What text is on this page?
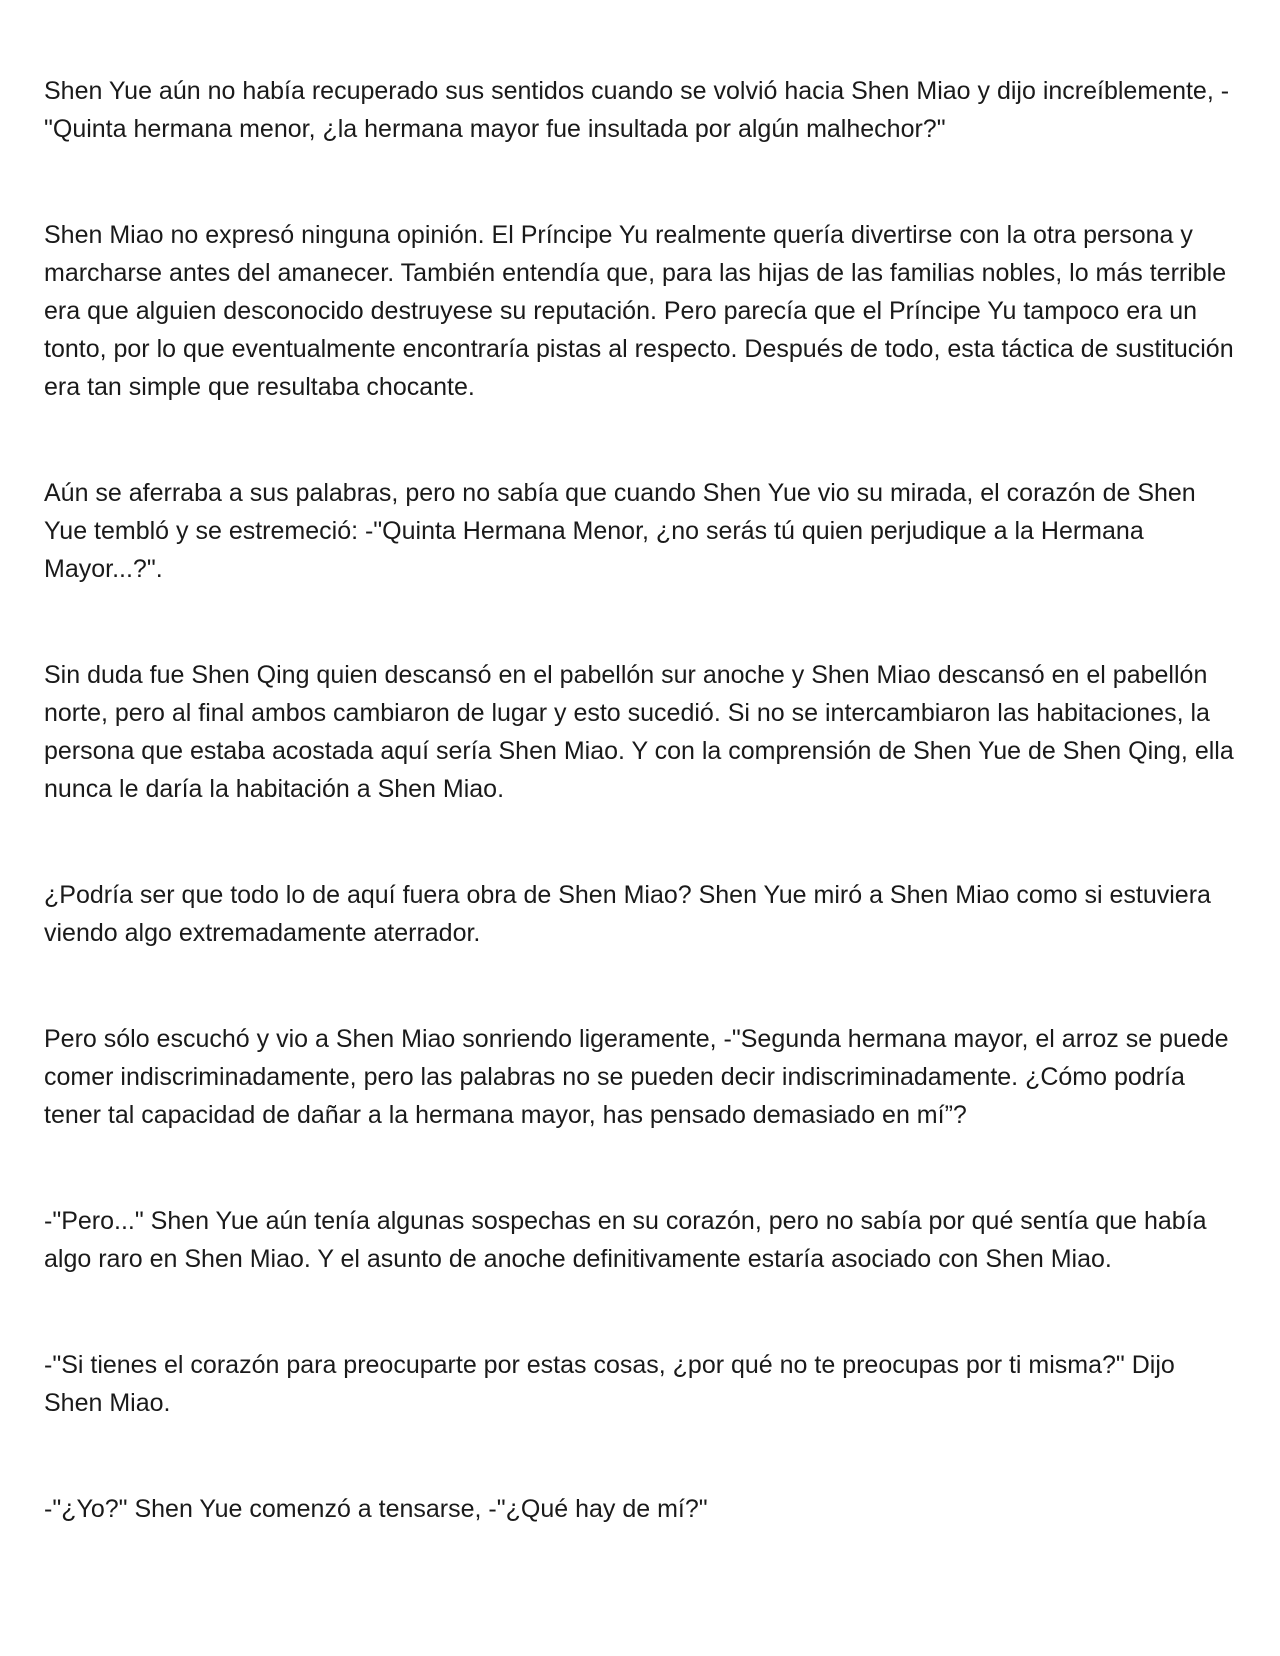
Shen Yue aún no había recuperado sus sentidos cuando se volvió hacia Shen Miao y dijo increíblemente, -"Quinta hermana menor, ¿la hermana mayor fue insultada por algún malhechor?"

Shen Miao no expresó ninguna opinión. El Príncipe Yu realmente quería divertirse con la otra persona y marcharse antes del amanecer. También entendía que, para las hijas de las familias nobles, lo más terrible era que alguien desconocido destruyese su reputación. Pero parecía que el Príncipe Yu tampoco era un tonto, por lo que eventualmente encontraría pistas al respecto. Después de todo, esta táctica de sustitución era tan simple que resultaba chocante.

Aún se aferraba a sus palabras, pero no sabía que cuando Shen Yue vio su mirada, el corazón de Shen Yue tembló y se estremeció: -"Quinta Hermana Menor, ¿no serás tú quien perjudique a la Hermana Mayor...?".

Sin duda fue Shen Qing quien descansó en el pabellón sur anoche y Shen Miao descansó en el pabellón norte, pero al final ambos cambiaron de lugar y esto sucedió. Si no se intercambiaron las habitaciones, la persona que estaba acostada aquí sería Shen Miao. Y con la comprensión de Shen Yue de Shen Qing, ella nunca le daría la habitación a Shen Miao.

¿Podría ser que todo lo de aquí fuera obra de Shen Miao? Shen Yue miró a Shen Miao como si estuviera viendo algo extremadamente aterrador.

Pero sólo escuchó y vio a Shen Miao sonriendo ligeramente, -"Segunda hermana mayor, el arroz se puede comer indiscriminadamente, pero las palabras no se pueden decir indiscriminadamente. ¿Cómo podría tener tal capacidad de dañar a la hermana mayor, has pensado demasiado en mí”?

-"Pero..." Shen Yue aún tenía algunas sospechas en su corazón, pero no sabía por qué sentía que había algo raro en Shen Miao. Y el asunto de anoche definitivamente estaría asociado con Shen Miao.

-"Si tienes el corazón para preocuparte por estas cosas, ¿por qué no te preocupas por ti misma?" Dijo Shen Miao.

-"¿Yo?" Shen Yue comenzó a tensarse, -"¿Qué hay de mí?"
